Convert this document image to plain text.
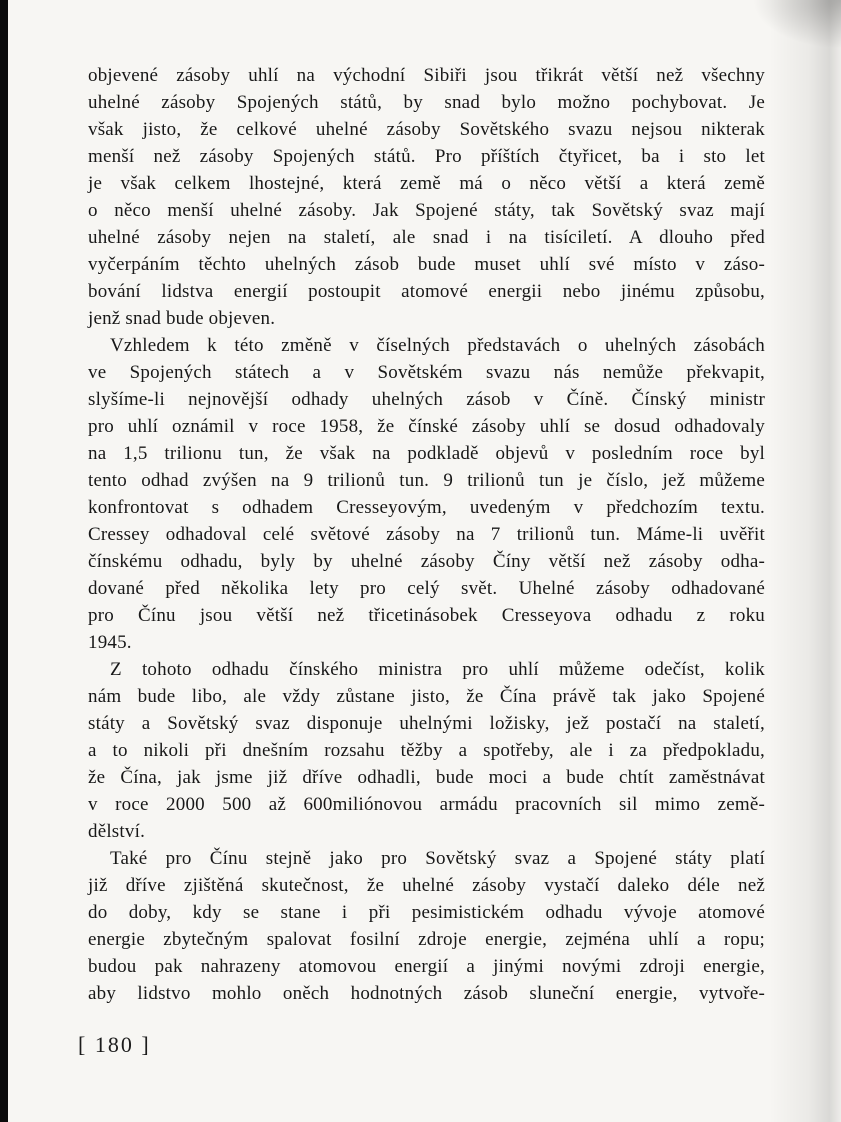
objevené zásoby uhlí na východní Sibiři jsou třikrát větší než všechny
uhelné zásoby Spojených států, by snad bylo možno pochybovat. Je
však jisto, že celkové uhelné zásoby Sovětského svazu nejsou nikterak
menší než zásoby Spojených států. Pro příštích čtyřicet, ba i sto let
je však celkem lhostejné, která země má o něco větší a která země
o něco menší uhelné zásoby. Jak Spojené státy, tak Sovětský svaz mají
uhelné zásoby nejen na staletí, ale snad i na tisíciletí. A dlouho před
vyčerpáním těchto uhelných zásob bude muset uhlí své místo v záso-
bování lidstva energií postoupit atomové energii nebo jinému způsobu,
jenž snad bude objeven.
Vzhledem k této změně v číselných představách o uhelných zásobách
ve Spojených státech a v Sovětském svazu nás nemůže překvapit,
slyšíme-li nejnovější odhady uhelných zásob v Číně. Čínský ministr
pro uhlí oznámil v roce 1958, že čínské zásoby uhlí se dosud odhadovaly
na 1,5 trilionu tun, že však na podkladě objevů v posledním roce byl
tento odhad zvýšen na 9 trilionů tun. 9 trilionů tun je číslo, jež můžeme
konfrontovat s odhadem Cresseyovým, uvedeným v předchozím textu.
Cressey odhadoval celé světové zásoby na 7 trilionů tun. Máme-li uvěřit
čínskému odhadu, byly by uhelné zásoby Číny větší než zásoby odha-
dované před několika lety pro celý svět. Uhelné zásoby odhadované
pro Čínu jsou větší než třicetinásobek Cresseyova odhadu z roku
1945.
Z tohoto odhadu čínského ministra pro uhlí můžeme odečíst, kolik
nám bude libo, ale vždy zůstane jisto, že Čína právě tak jako Spojené
státy a Sovětský svaz disponuje uhelnými ložisky, jež postačí na staletí,
a to nikoli při dnešním rozsahu těžby a spotřeby, ale i za předpokladu,
že Čína, jak jsme již dříve odhadli, bude moci a bude chtít zaměstnávat
v roce 2000 500 až 600miliónovou armádu pracovních sil mimo země-
dělství.
Také pro Čínu stejně jako pro Sovětský svaz a Spojené státy platí
již dříve zjištěná skutečnost, že uhelné zásoby vystačí daleko déle než
do doby, kdy se stane i při pesimistickém odhadu vývoje atomové
energie zbytečným spalovat fosilní zdroje energie, zejména uhlí a ropu;
budou pak nahrazeny atomovou energií a jinými novými zdroji energie,
aby lidstvo mohlo oněch hodnotných zásob sluneční energie, vytvoře-
[ 180 ]
